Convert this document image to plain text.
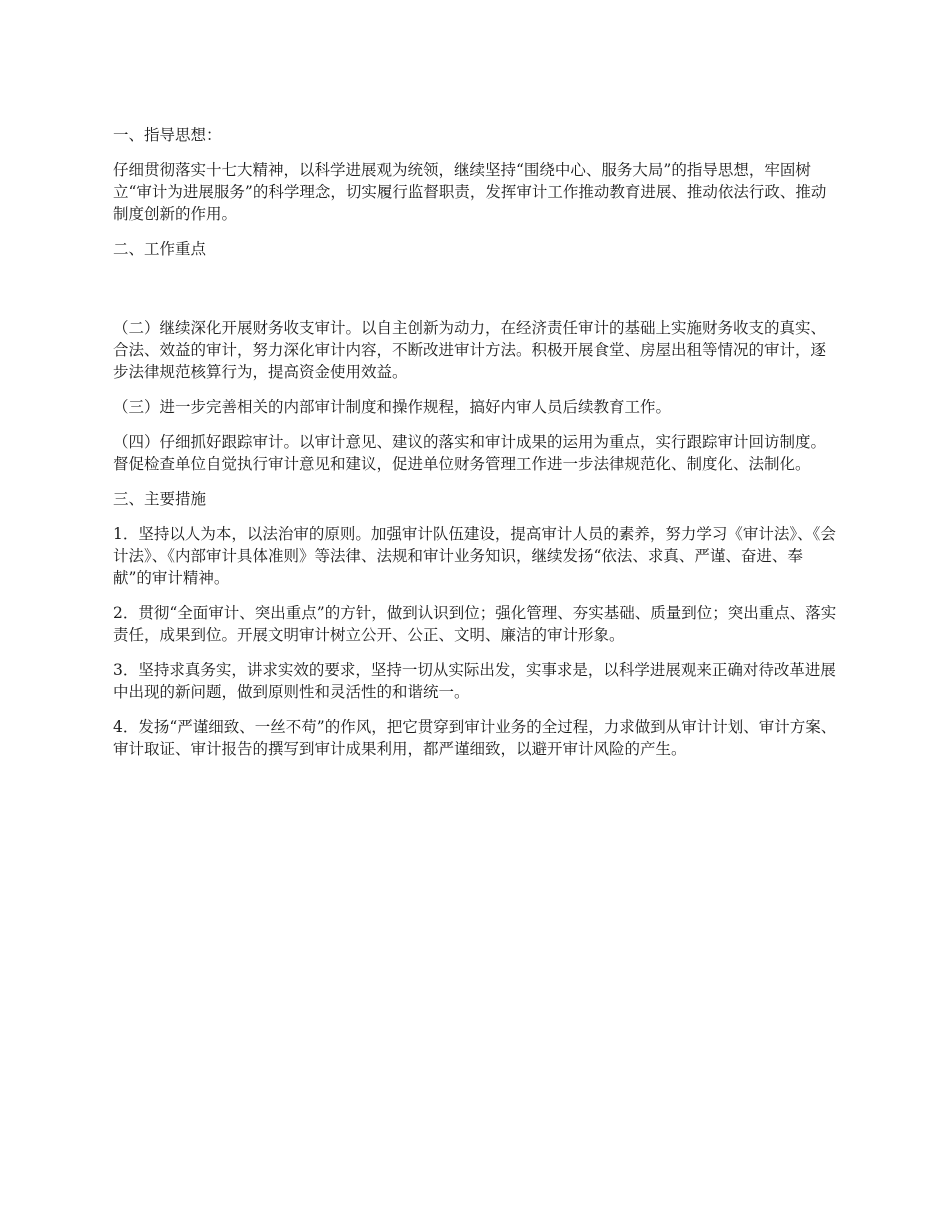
一、指导思想：

仔细贯彻落实十七大精神，以科学进展观为统领，继续坚持“围绕中心、服务大局”的指导思想，牢固树立“审计为进展服务”的科学理念，切实履行监督职责，发挥审计工作推动教育进展、推动依法行政、推动制度创新的作用。

二、工作重点

（二）继续深化开展财务收支审计。以自主创新为动力，在经济责任审计的基础上实施财务收支的真实、合法、效益的审计，努力深化审计内容，不断改进审计方法。积极开展食堂、房屋出租等情况的审计，逐步法律规范核算行为，提高资金使用效益。

（三）进一步完善相关的内部审计制度和操作规程，搞好内审人员后续教育工作。

（四）仔细抓好跟踪审计。以审计意见、建议的落实和审计成果的运用为重点，实行跟踪审计回访制度。督促检查单位自觉执行审计意见和建议，促进单位财务管理工作进一步法律规范化、制度化、法制化。

三、主要措施

1．坚持以人为本，以法治审的原则。加强审计队伍建设，提高审计人员的素养，努力学习《审计法》、《会计法》、《内部审计具体准则》等法律、法规和审计业务知识，继续发扬“依法、求真、严谨、奋进、奉献”的审计精神。

2．贯彻“全面审计、突出重点”的方针，做到认识到位；强化管理、夯实基础、质量到位；突出重点、落实责任，成果到位。开展文明审计树立公开、公正、文明、廉洁的审计形象。

3．坚持求真务实，讲求实效的要求，坚持一切从实际出发，实事求是，以科学进展观来正确对待改革进展中出现的新问题，做到原则性和灵活性的和谐统一。

4．发扬“严谨细致、一丝不苟”的作风，把它贯穿到审计业务的全过程，力求做到从审计计划、审计方案、审计取证、审计报告的撰写到审计成果利用，都严谨细致，以避开审计风险的产生。
